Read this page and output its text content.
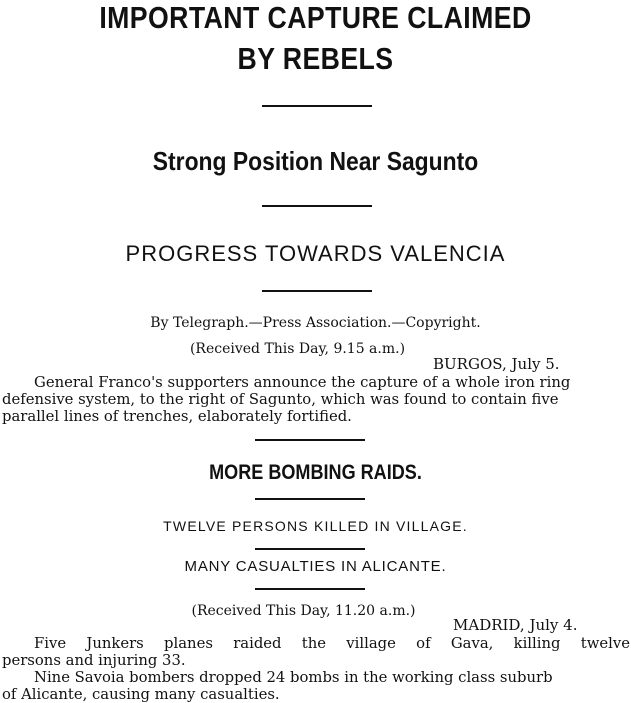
IMPORTANT CAPTURE CLAIMED
BY REBELS
Strong Position Near Sagunto
PROGRESS TOWARDS VALENCIA
By Telegraph.—Press Association.—Copyright.
(Received This Day, 9.15 a.m.)
BURGOS, July 5.
General Franco's supporters announce the capture of a whole iron ring
defensive system, to the right of Sagunto, which was found to contain five
parallel lines of trenches, elaborately fortified.
MORE BOMBING RAIDS.
TWELVE PERSONS KILLED IN VILLAGE.
MANY CASUALTIES IN ALICANTE.
(Received This Day, 11.20 a.m.)
MADRID, July 4.
Five Junkers planes raided the village of Gava, killing twelve
persons and injuring 33.
Nine Savoia bombers dropped 24 bombs in the working class suburb
of Alicante, causing many casualties.
